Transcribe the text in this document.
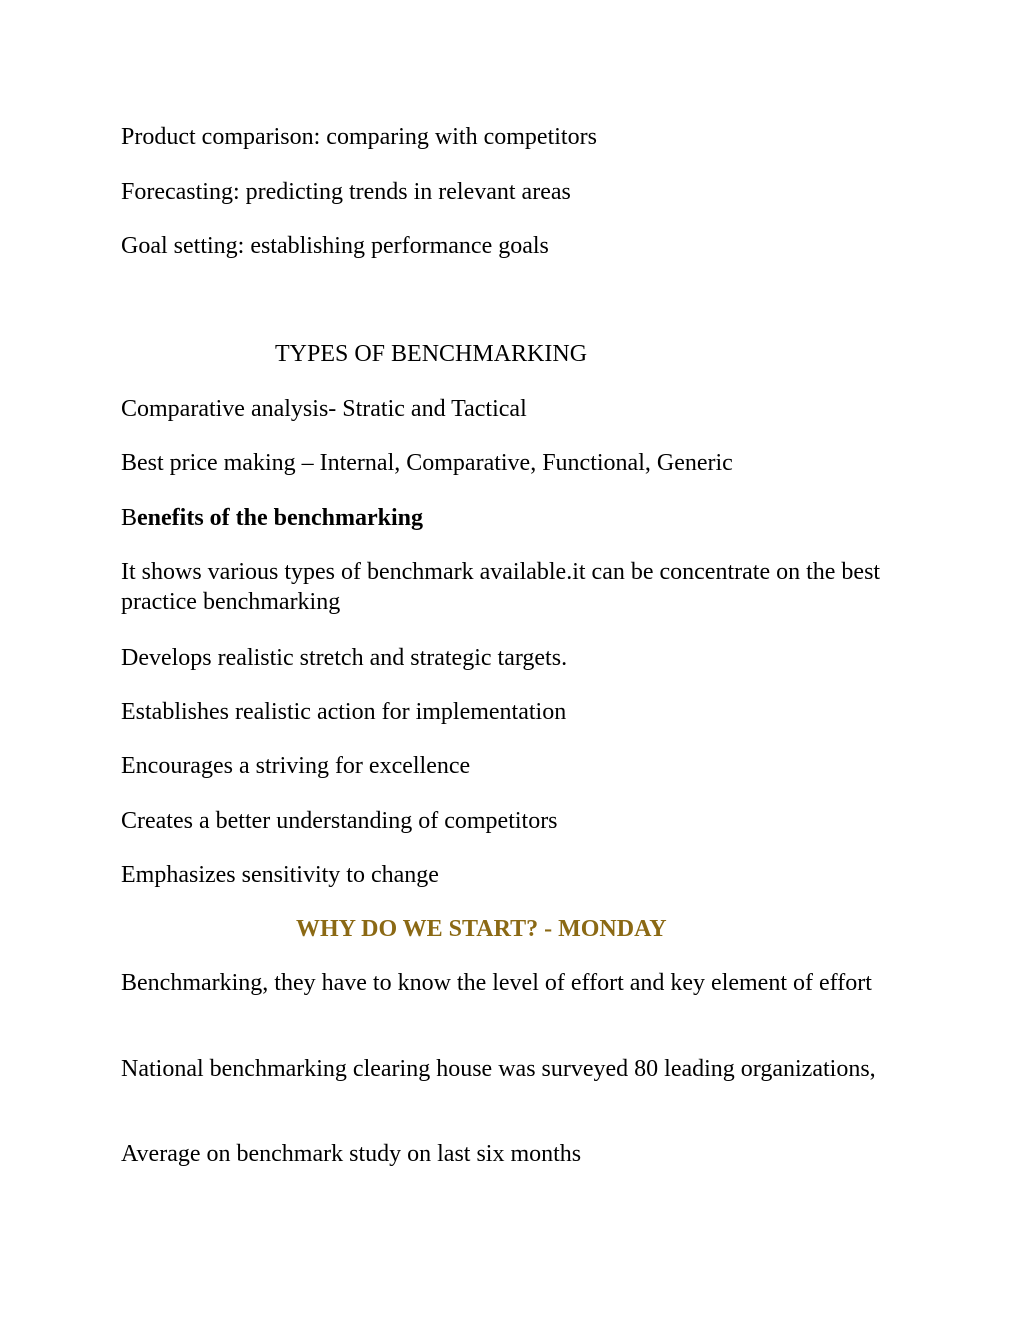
Product comparison: comparing with competitors
Forecasting: predicting trends in relevant areas
Goal setting: establishing performance goals
TYPES OF BENCHMARKING
Comparative analysis- Stratic and Tactical
Best price making – Internal, Comparative, Functional, Generic
Benefits of the benchmarking
It shows various types of benchmark available.it can be concentrate on the best practice benchmarking
Develops realistic stretch and strategic targets.
Establishes realistic action for implementation
Encourages a striving for excellence
Creates a better understanding of competitors
Emphasizes sensitivity to change
WHY DO WE START? - MONDAY
Benchmarking, they have to know the level of effort and key element of effort
National benchmarking clearing house was surveyed 80 leading organizations,
Average on benchmark study on last six months
